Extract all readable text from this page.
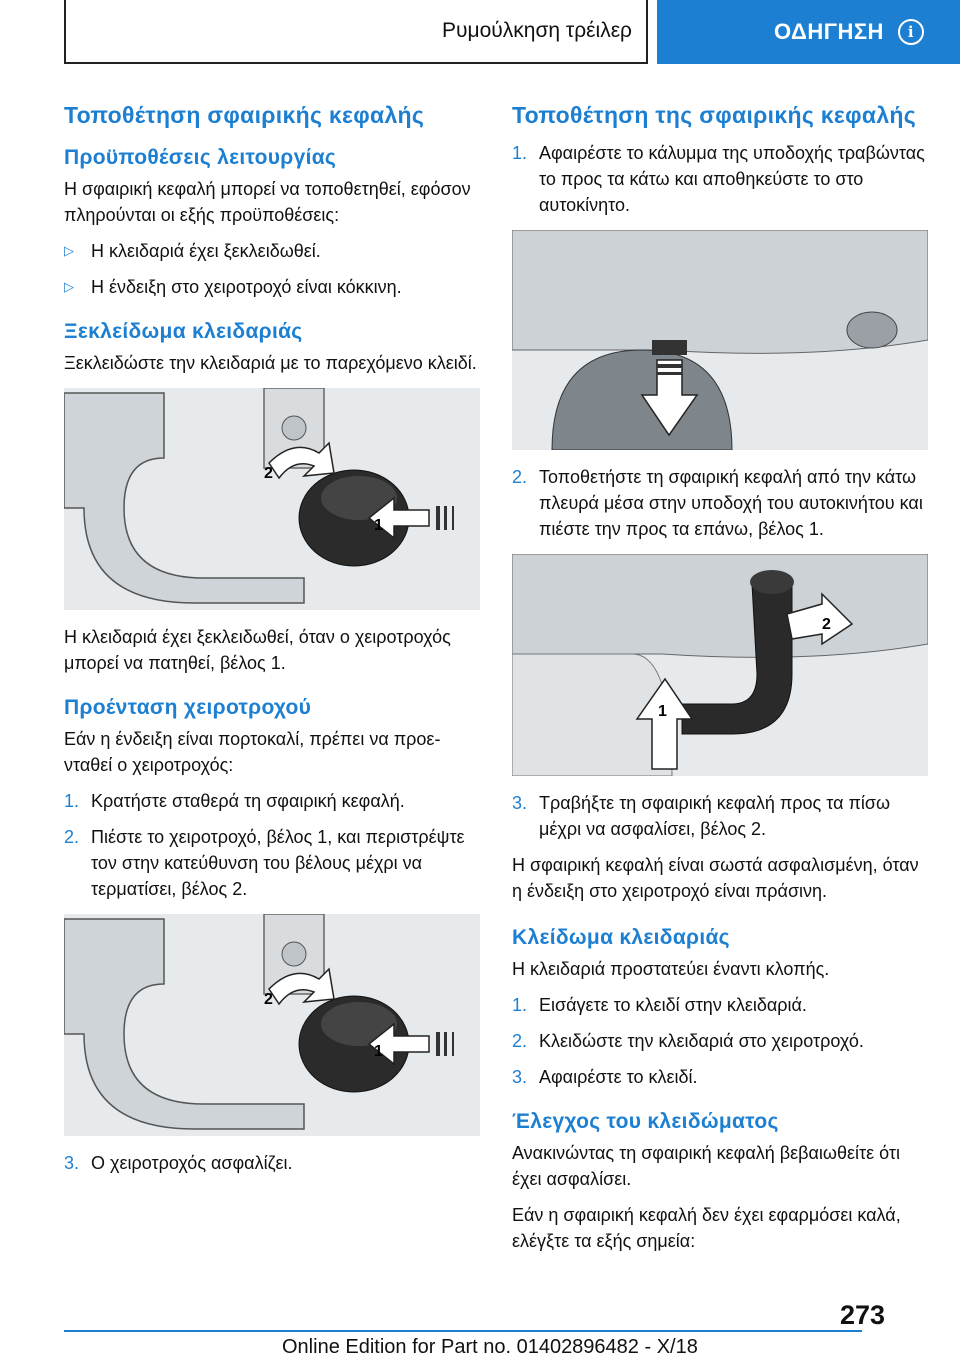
Ρυμούλκηση τρέιλερ	ΟΔΗΓΗΣΗ	i
Τοποθέτηση σφαιρικής κεφαλής
Προϋποθέσεις λειτουργίας

Η σφαιρική κεφαλή μπορεί να τοποθετηθεί, εφόσον πληρούνται οι εξής προϋποθέσεις:

▷ Η κλειδαριά έχει ξεκλειδωθεί.
▷ Η ένδειξη στο χειροτροχό είναι κόκκινη.
Ξεκλείδωμα κλειδαριάς

Ξεκλειδώστε την κλειδαριά με το παρεχόμενο κλειδί.

2
1

Η κλειδαριά έχει ξεκλειδωθεί, όταν ο χειροτροχός μπορεί να πατηθεί, βέλος 1.

Προένταση χειροτροχού

Εάν η ένδειξη είναι πορτοκαλί, πρέπει να προενταθεί ο χειροτροχός:

1. Κρατήστε σταθερά τη σφαιρική κεφαλή.
2. Πιέστε το χειροτροχό, βέλος 1, και περιστρέψτε τον στην κατεύθυνση του βέλους μέχρι να τερματίσει, βέλος 2.
2
1
3. Ο χειροτροχός ασφαλίζει.
Τοποθέτηση της σφαιρικής κεφαλής
1. Αφαιρέστε το κάλυμμα της υποδοχής τραβώντας το προς τα κάτω και αποθηκεύστε το στο αυτοκίνητο.
2. Τοποθετήστε τη σφαιρική κεφαλή από την κάτω πλευρά μέσα στην υποδοχή του αυτοκινήτου και πιέστε την προς τα επάνω, βέλος 1.
2
1
3. Τραβήξτε τη σφαιρική κεφαλή προς τα πίσω μέχρι να ασφαλίσει, βέλος 2.

Η σφαιρική κεφαλή είναι σωστά ασφαλισμένη, όταν η ένδειξη στο χειροτροχό είναι πράσινη.

Κλείδωμα κλειδαριάς

Η κλειδαριά προστατεύει έναντι κλοπής.

1. Εισάγετε το κλειδί στην κλειδαριά.
2. Κλειδώστε την κλειδαριά στο χειροτροχό.
3. Αφαιρέστε το κλειδί.
Έλεγχος του κλειδώματος

Ανακινώντας τη σφαιρική κεφαλή βεβαιωθείτε ότι έχει ασφαλίσει.

Εάν η σφαιρική κεφαλή δεν έχει εφαρμόσει καλά, ελέγξτε τα εξής σημεία:

273
Online Edition for Part no. 01402896482 - X/18
